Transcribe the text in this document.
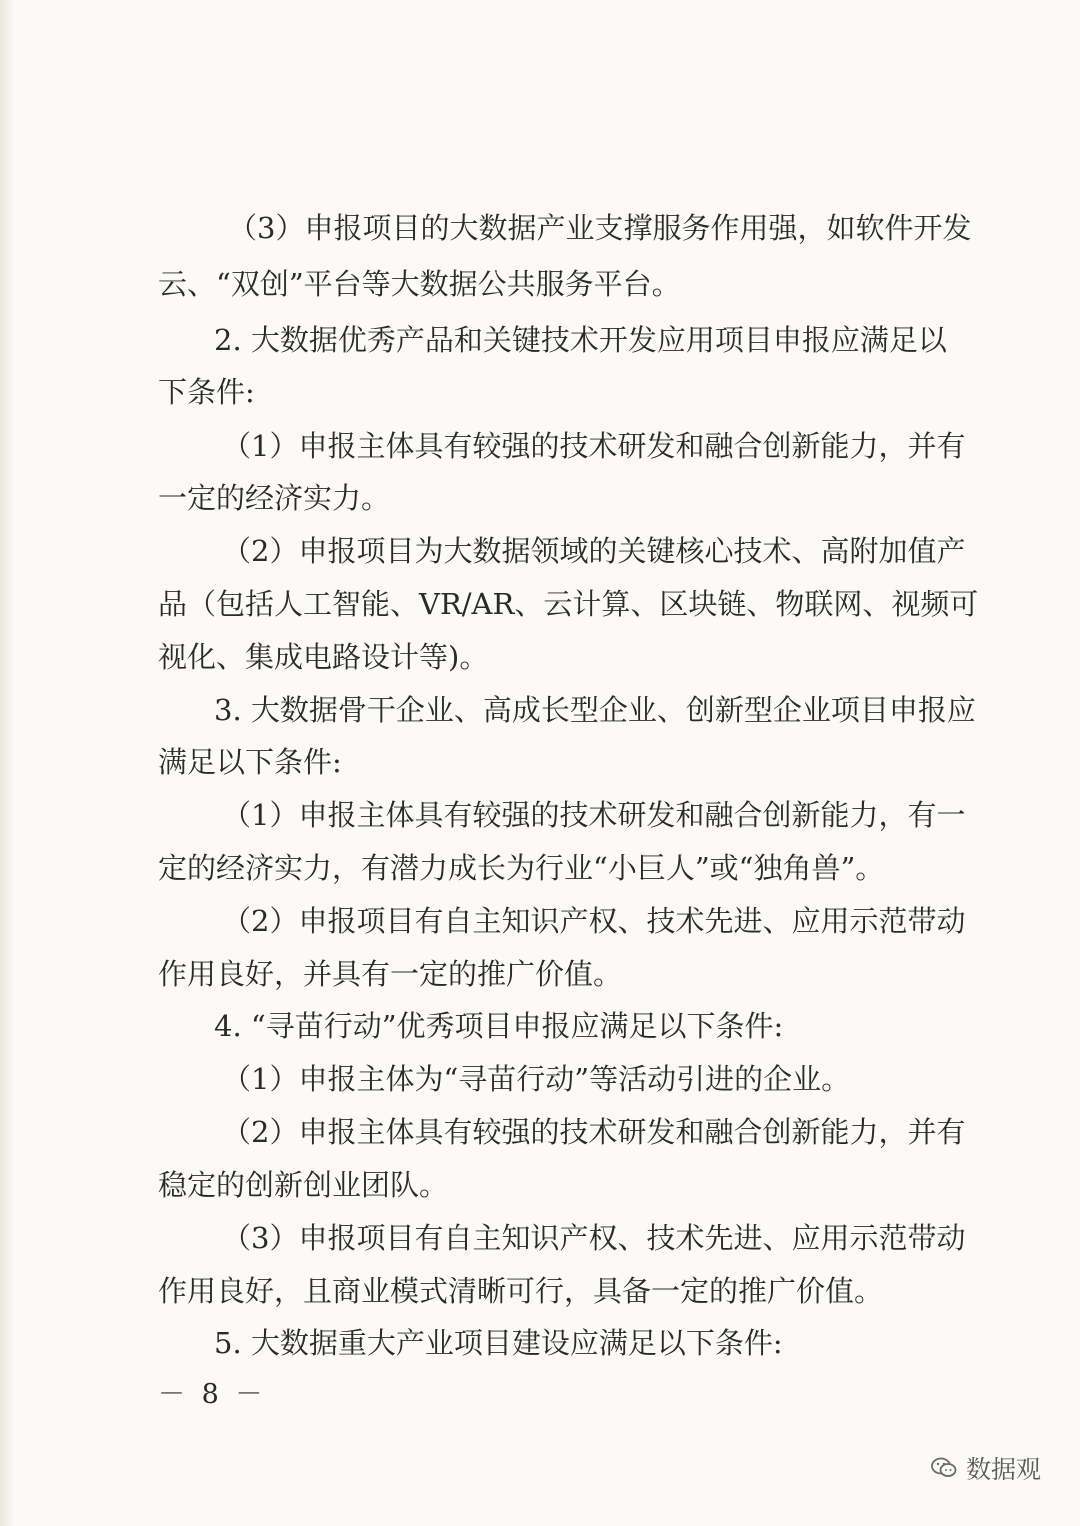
（3）申报项目的大数据产业支撑服务作用强，如软件开发
云、“双创”平台等大数据公共服务平台。
2. 大数据优秀产品和关键技术开发应用项目申报应满足以
下条件:
（1）申报主体具有较强的技术研发和融合创新能力，并有
一定的经济实力。
（2）申报项目为大数据领域的关键核心技术、高附加值产
品（包括人工智能、VR/AR、云计算、区块链、物联网、视频可
视化、集成电路设计等)。
3. 大数据骨干企业、高成长型企业、创新型企业项目申报应
满足以下条件:
（1）申报主体具有较强的技术研发和融合创新能力，有一
定的经济实力，有潜力成长为行业“小巨人”或“独角兽”。
（2）申报项目有自主知识产权、技术先进、应用示范带动
作用良好，并具有一定的推广价值。
4. “寻苗行动”优秀项目申报应满足以下条件:
（1）申报主体为“寻苗行动”等活动引进的企业。
（2）申报主体具有较强的技术研发和融合创新能力，并有
稳定的创新创业团队。
（3）申报项目有自主知识产权、技术先进、应用示范带动
作用良好，且商业模式清晰可行，具备一定的推广价值。
5. 大数据重大产业项目建设应满足以下条件:
－ 8 －
数据观
